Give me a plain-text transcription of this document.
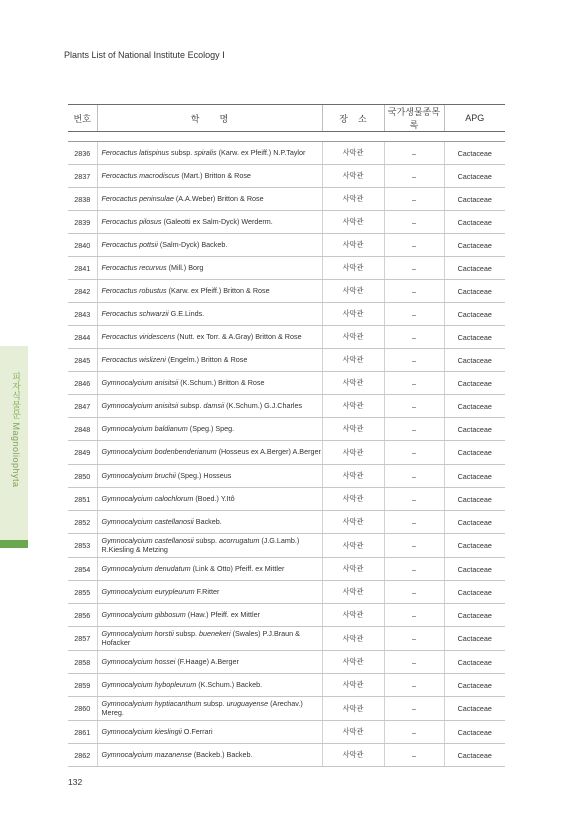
Plants List of National Institute Ecology Ⅰ
피자식물문 Magnoliophyta
번호	학        명	장    소	국가생물종목록	APG

2836	Ferocactus latispinus subsp. spiralis (Karw. ex Pfeiff.) N.P.Taylor	사막관	–	Cactaceae
2837	Ferocactus macrodiscus (Mart.) Britton & Rose	사막관	–	Cactaceae
2838	Ferocactus peninsulae (A.A.Weber) Britton & Rose	사막관	–	Cactaceae
2839	Ferocactus pilosus (Galeotti ex Salm-Dyck) Werderm.	사막관	–	Cactaceae
2840	Ferocactus pottsii (Salm-Dyck) Backeb.	사막관	–	Cactaceae
2841	Ferocactus recurvus (Mill.) Borg	사막관	–	Cactaceae
2842	Ferocactus robustus (Karw. ex Pfeiff.) Britton & Rose	사막관	–	Cactaceae
2843	Ferocactus schwarzii G.E.Linds.	사막관	–	Cactaceae
2844	Ferocactus viridescens (Nutt. ex Torr. & A.Gray) Britton & Rose	사막관	–	Cactaceae
2845	Ferocactus wislizeni (Engelm.) Britton & Rose	사막관	–	Cactaceae
2846	Gymnocalycium anisitsii (K.Schum.) Britton & Rose	사막관	–	Cactaceae
2847	Gymnocalycium anisitsii subsp. damsii (K.Schum.) G.J.Charles	사막관	–	Cactaceae
2848	Gymnocalycium baldianum (Speg.) Speg.	사막관	–	Cactaceae
2849	Gymnocalycium bodenbenderianum (Hosseus ex A.Berger) A.Berger	사막관	–	Cactaceae
2850	Gymnocalycium bruchii (Speg.) Hosseus	사막관	–	Cactaceae
2851	Gymnocalycium calochlorum (Boed.) Y.Itô	사막관	–	Cactaceae
2852	Gymnocalycium castellanosii Backeb.	사막관	–	Cactaceae
2853	Gymnocalycium castellanosii subsp. acorrugatum (J.G.Lamb.) R.Kiesling & Metzing	사막관	–	Cactaceae
2854	Gymnocalycium denudatum (Link & Otto) Pfeiff. ex Mittler	사막관	–	Cactaceae
2855	Gymnocalycium eurypleurum F.Ritter	사막관	–	Cactaceae
2856	Gymnocalycium gibbosum (Haw.) Pfeiff. ex Mittler	사막관	–	Cactaceae
2857	Gymnocalycium horstii subsp. buenekeri (Swales) P.J.Braun & Hofacker	사막관	–	Cactaceae
2858	Gymnocalycium hossei (F.Haage) A.Berger	사막관	–	Cactaceae
2859	Gymnocalycium hybopleurum (K.Schum.) Backeb.	사막관	–	Cactaceae
2860	Gymnocalycium hyptiacanthum subsp. uruguayense (Arechav.) Mereg.	사막관	–	Cactaceae
2861	Gymnocalycium kieslingii O.Ferrari	사막관	–	Cactaceae
2862	Gymnocalycium mazanense (Backeb.) Backeb.	사막관	–	Cactaceae
132
